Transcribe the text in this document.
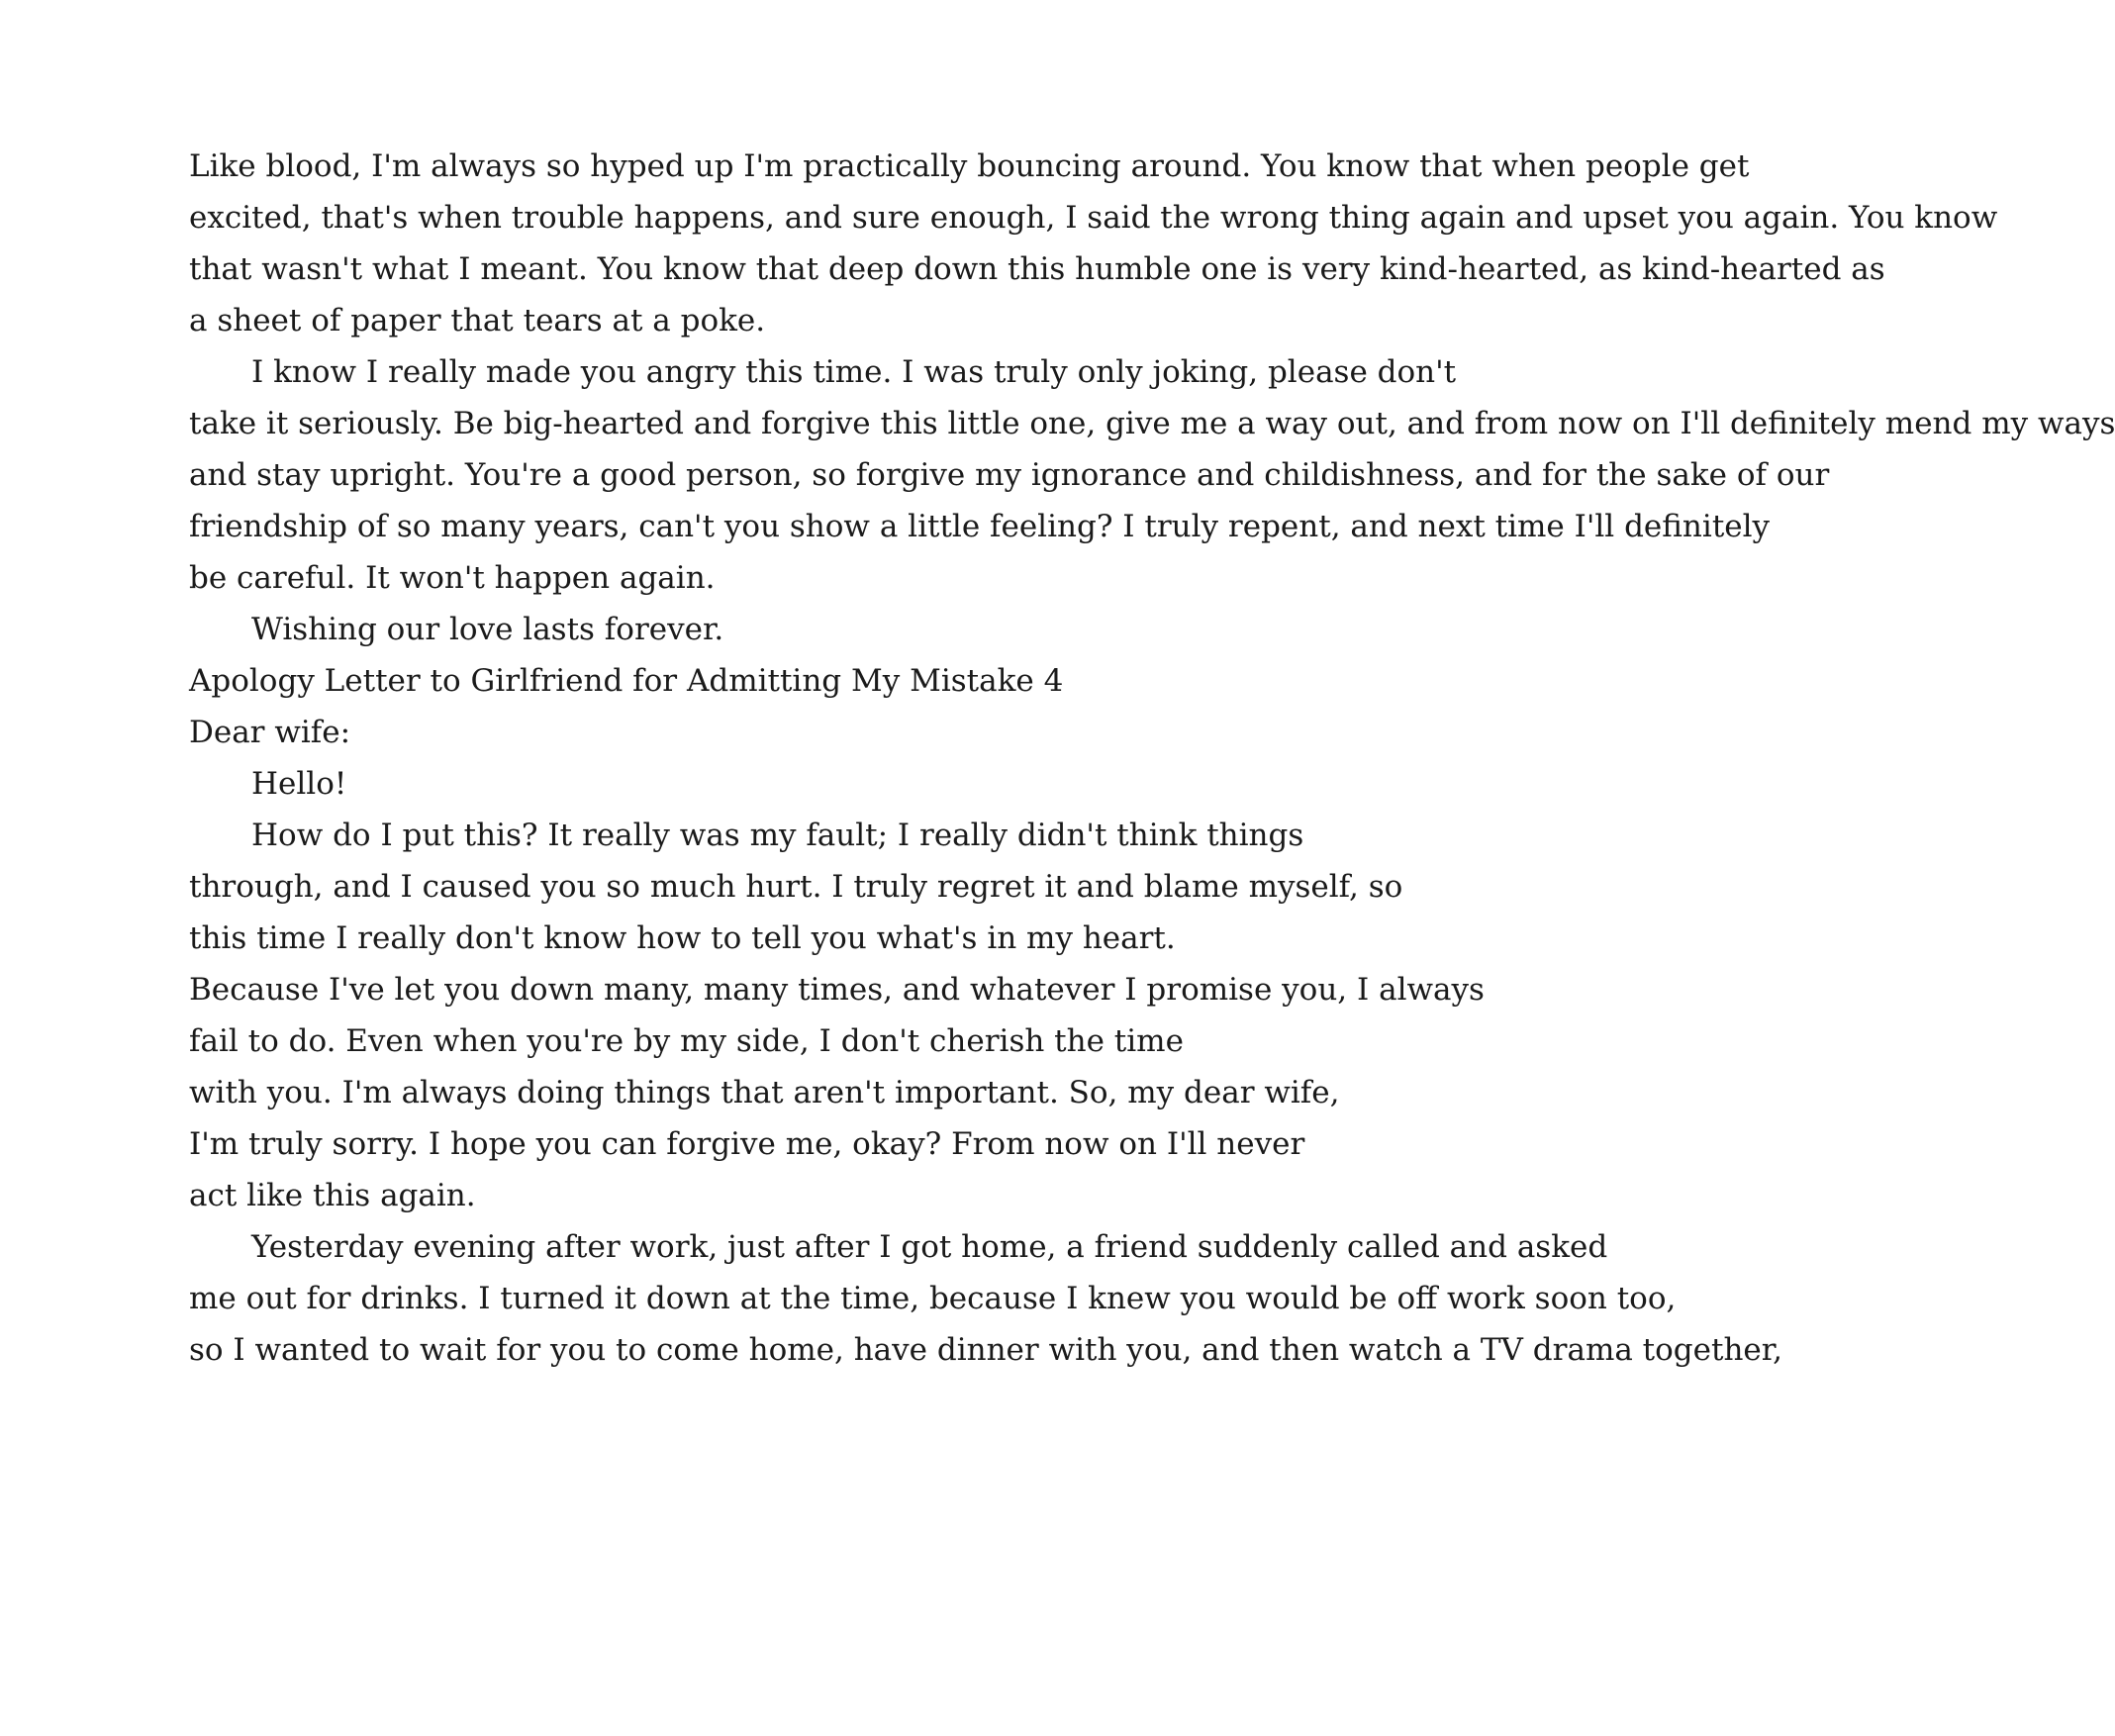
Like blood, I'm always so hyped up I'm practically bouncing around. You know that when people get
excited, that's when trouble happens, and sure enough, I said the wrong thing again and upset you again. You know
that wasn't what I meant. You know that deep down this humble one is very kind-hearted, as kind-hearted as
a sheet of paper that tears at a poke.
I know I really made you angry this time. I was truly only joking, please don't
take it seriously. Be big-hearted and forgive this little one, give me a way out, and from now on I'll definitely mend my ways
and stay upright. You're a good person, so forgive my ignorance and childishness, and for the sake of our
friendship of so many years, can't you show a little feeling? I truly repent, and next time I'll definitely
be careful. It won't happen again.
Wishing our love lasts forever.
Apology Letter to Girlfriend for Admitting My Mistake 4
Dear wife:
Hello!
How do I put this? It really was my fault; I really didn't think things
through, and I caused you so much hurt. I truly regret it and blame myself, so
this time I really don't know how to tell you what's in my heart.
Because I've let you down many, many times, and whatever I promise you, I always
fail to do. Even when you're by my side, I don't cherish the time
with you. I'm always doing things that aren't important. So, my dear wife,
I'm truly sorry. I hope you can forgive me, okay? From now on I'll never
act like this again.
Yesterday evening after work, just after I got home, a friend suddenly called and asked
me out for drinks. I turned it down at the time, because I knew you would be off work soon too,
so I wanted to wait for you to come home, have dinner with you, and then watch a TV drama together,
